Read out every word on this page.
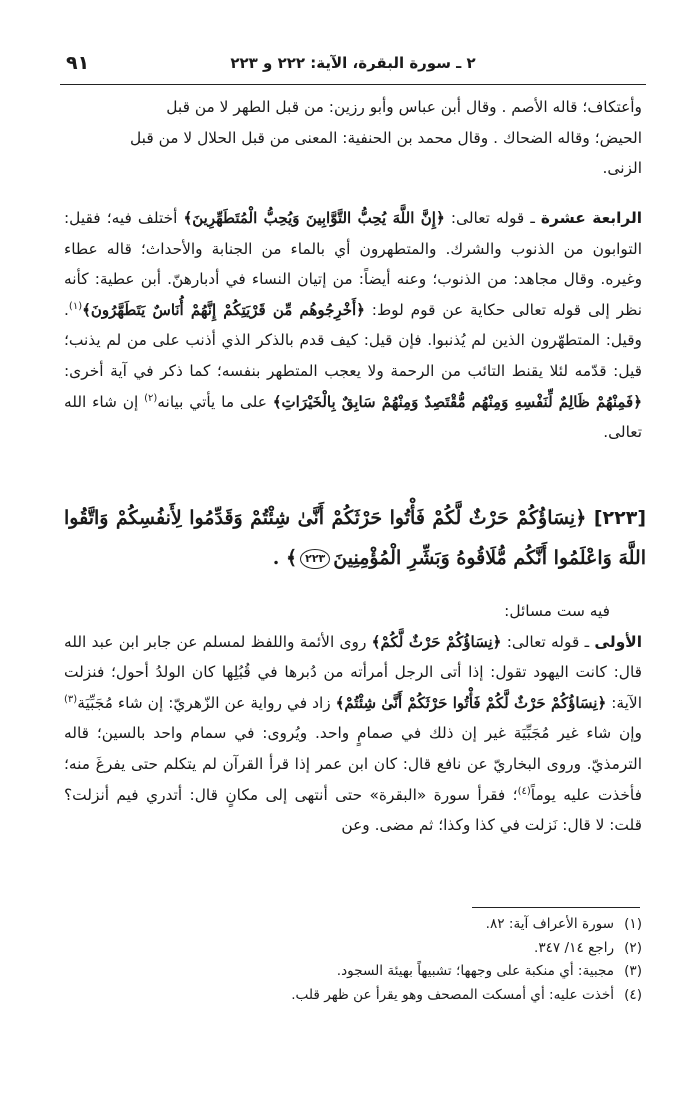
٩١	٢ ـ سورة البقرة، الآية: ٢٢٢ و ٢٢٣

وأعتكاف؛ قاله الأصم . وقال أبن عباس وأبو رزين: من قبل الطهر لا من قبل

الحيض؛ وقاله الضحاك . وقال محمد بن الحنفية: المعنى من قبل الحلال لا من قبل

الزنى.

الرابعة عشرة ـ قوله تعالى: ﴿إِنَّ اللَّهَ يُحِبُّ التَّوَّابِينَ وَيُحِبُّ الْمُتَطَهِّرِينَ﴾ أختلف فيه؛ فقيل: التوابون من الذنوب والشرك. والمتطهرون أي بالماء من الجنابة والأحداث؛ قاله عطاء وغيره. وقال مجاهد: من الذنوب؛ وعنه أيضاً: من إتيان النساء في أدبارهنّ. أبن عطية: كأنه نظر إلى قوله تعالى حكاية عن قوم لوط: ﴿أَخْرِجُوهُم مِّن قَرْيَتِكُمْ إِنَّهُمْ أُنَاسٌ يَتَطَهَّرُونَ﴾$^{(١)}$. وقيل: المتطهّرون الذين لم يُذنبوا. فإن قيل: كيف قدم بالذكر الذي أذنب على من لم يذنب؛ قيل: قدّمه لئلا يقنط التائب من الرحمة ولا يعجب المتطهر بنفسه؛ كما ذكر في آية أخرى: ﴿فَمِنْهُمْ ظَالِمٌ لِّنَفْسِهِ وَمِنْهُم مُّقْتَصِدٌ وَمِنْهُمْ سَابِقٌ بِالْخَيْرَاتِ﴾ على ما يأتي بيانه$^{(٢)}$ إن شاء الله تعالى.

[٢٢٣] ﴿نِسَاؤُكُمْ حَرْثٌ لَّكُمْ فَأْتُوا حَرْثَكُمْ أَنَّىٰ شِئْتُمْ وَقَدِّمُوا لِأَنفُسِكُمْ وَاتَّقُوا اللَّهَ وَاعْلَمُوا أَنَّكُم مُّلَاقُوهُ وَبَشِّرِ الْمُؤْمِنِينَ٢٢٣﴾ .

فيه ست مسائل:

الأولى ـ قوله تعالى: ﴿نِسَاؤُكُمْ حَرْثٌ لَّكُمْ﴾ روى الأئمة واللفظ لمسلم عن جابر ابن عبد الله قال: كانت اليهود تقول: إذا أتى الرجل أمرأته من دُبرها في قُبُلِها كان الولدُ أحول؛ فنزلت الآية: ﴿نِسَاؤُكُمْ حَرْثٌ لَّكُمْ فَأْتُوا حَرْثَكُمْ أَنَّىٰ شِئْتُمْ﴾ زاد في رواية عن الزّهريّ: إن شاء مُجَبِّيَة$^{(٣)}$ وإن شاء غير مُجَبِّيَة غير إن ذلك في صمامٍ واحد. ويُروى: في سمام واحد بالسين؛ قاله الترمذيّ. وروى البخاريّ عن نافع قال: كان ابن عمر إذا قرأ القرآن لم يتكلم حتى يفرغَ منه؛ فأخذت عليه يوماً$^{(٤)}$؛ فقرأ سورة «البقرة» حتى أنتهى إلى مكانٍ قال: أتدري فيم أنزلت؟ قلت: لا قال: نَزلت في كذا وكذا؛ ثم مضى. وعن

(١)سورة الأعراف آية: ٨٢.
(٢)راجع ١٤/ ٣٤٧.
(٣)مجبية: أي منكبة على وجهها؛ تشبيهاً بهيئة السجود.
(٤)أخذت عليه: أي أمسكت المصحف وهو يقرأ عن ظهر قلب.
